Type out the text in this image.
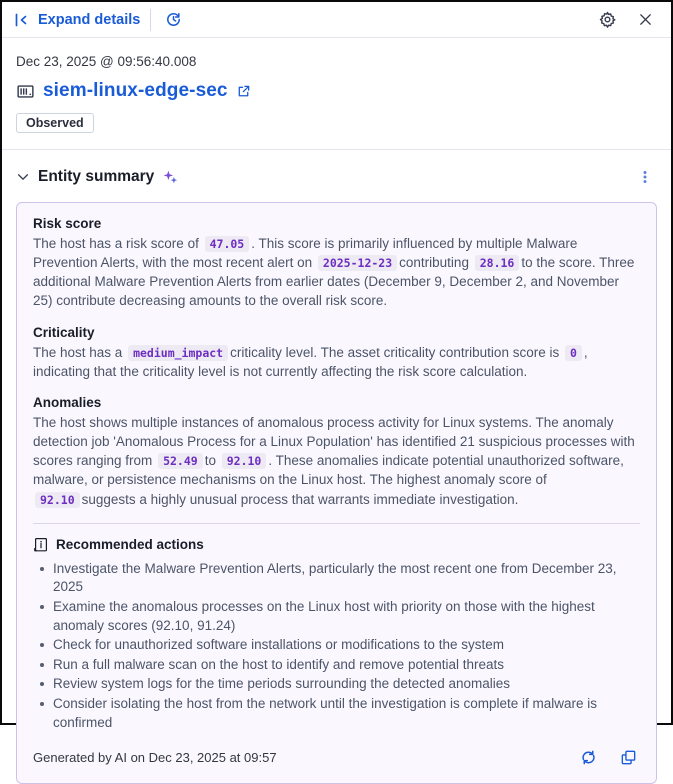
Expand details
Dec 23, 2025 @ 09:56:40.008
siem-linux-edge-sec
Observed
Entity summary
Risk score

The host has a risk score of 47.05 . This score is primarily influenced by multiple Malware Prevention Alerts, with the most recent alert on 2025-12-23 contributing 28.16 to the score. Three additional Malware Prevention Alerts from earlier dates (December 9, December 2, and November 25) contribute decreasing amounts to the overall risk score.

Criticality

The host has a medium_impact criticality level. The asset criticality contribution score is 0 , indicating that the criticality level is not currently affecting the risk score calculation.

Anomalies

The host shows multiple instances of anomalous process activity for Linux systems. The anomaly detection job 'Anomalous Process for a Linux Population' has identified 21 suspicious processes with scores ranging from 52.49 to 92.10 . These anomalies indicate potential unauthorized software, malware, or persistence mechanisms on the Linux host. The highest anomaly score of 92.10 suggests a highly unusual process that warrants immediate investigation.

Recommended actions
Investigate the Malware Prevention Alerts, particularly the most recent one from December 23, 2025
Examine the anomalous processes on the Linux host with priority on those with the highest anomaly scores (92.10, 91.24)
Check for unauthorized software installations or modifications to the system
Run a full malware scan on the host to identify and remove potential threats
Review system logs for the time periods surrounding the detected anomalies
Consider isolating the host from the network until the investigation is complete if malware is confirmed
Generated by AI on Dec 23, 2025 at 09:57
